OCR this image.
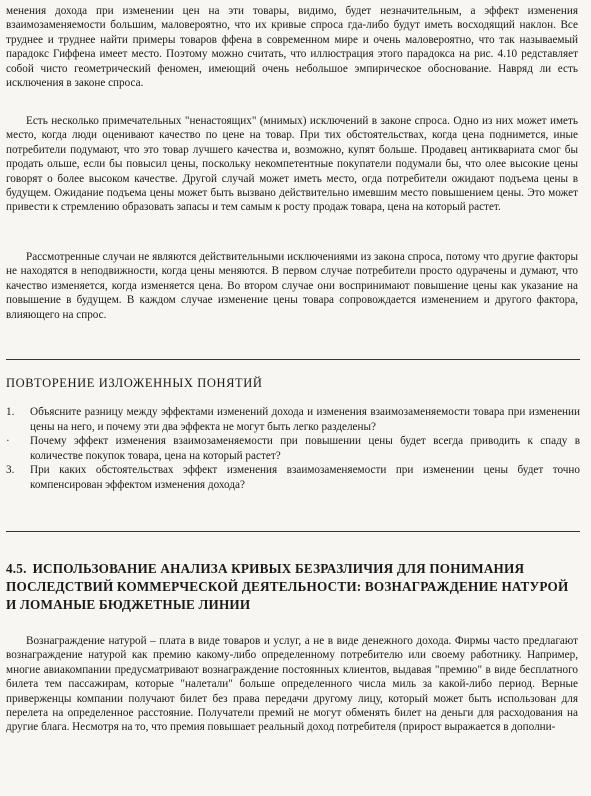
менения дохода при изменении цен на эти товары, видимо, будет незначительным, а эффект изменения взаимозаменяемости большим, маловероятно, что их кривые спроса гда-либо будут иметь восходящий наклон. Все труднее и труднее найти примеры товаров ффена в современном мире и очень маловероятно, что так называемый парадокс Гиффена имеет место. Поэтому можно считать, что иллюстрация этого парадокса на рис. 4.10 редставляет собой чисто геометрический феномен, имеющий очень небольшое эмпирическое обоснование. Навряд ли есть исключения в законе спроса.

Есть несколько примечательных "ненастоящих" (мнимых) исключений в законе спроса. Одно из них может иметь место, когда люди оценивают качество по цене на товар. При тих обстоятельствах, когда цена поднимется, иные потребители подумают, что это товар лучшего качества и, возможно, купят больше. Продавец антиквариата смог бы продать ольше, если бы повысил цены, поскольку некомпетентные покупатели подумали бы, что олее высокие цены говорят о более высоком качестве. Другой случай может иметь место, огда потребители ожидают подъема цены в будущем. Ожидание подъема цены может быть вызвано действительно имевшим место повышением цены. Это может привести к стремлению образовать запасы и тем самым к росту продаж товара, цена на который растет.

Рассмотренные случаи не являются действительными исключениями из закона спроса, потому что другие факторы не находятся в неподвижности, когда цены меняются. В первом случае потребители просто одурачены и думают, что качество изменяется, когда изменяется цена. Во втором случае они воспринимают повышение цены как указание на повышение в будущем. В каждом случае изменение цены товара сопровождается изменением и другого фактора, влияющего на спрос.

ПОВТОРЕНИЕ ИЗЛОЖЕННЫХ ПОНЯТИЙ
1.	Объясните разницу между эффектами изменений дохода и изменения взаимозаменяемости товара при изменении цены на него, и почему эти два эффекта не могут быть легко разделены?
·	Почему эффект изменения взаимозаменяемости при повышении цены будет всегда приводить к спаду в количестве покупок товара, цена на который растет?
3.	При каких обстоятельствах эффект изменения взаимозаменяемости при изменении цены будет точно компенсирован эффектом изменения дохода?
4.5. ИСПОЛЬЗОВАНИЕ АНАЛИЗА КРИВЫХ БЕЗРАЗЛИЧИЯ ДЛЯ ПОНИМАНИЯ ПОСЛЕДСТВИЙ КОММЕРЧЕСКОЙ ДЕЯТЕЛЬНОСТИ: ВОЗНАГРАЖДЕНИЕ НАТУРОЙ И ЛОМАНЫЕ БЮДЖЕТНЫЕ ЛИНИИ

Вознаграждение натурой – плата в виде товаров и услуг, а не в виде денежного дохода. Фирмы часто предлагают вознаграждение натурой как премию какому-либо определенному потребителю или своему работнику. Например, многие авиакомпании предусматривают вознаграждение постоянных клиентов, выдавая "премию" в виде бесплатного билета тем пассажирам, которые "налетали" больше определенного числа миль за какой-либо период. Верные приверженцы компании получают билет без права передачи другому лицу, который может быть использован для перелета на определенное расстояние. Получатели премий не могут обменять билет на деньги для расходования на другие блага. Несмотря на то, что премия повышает реальный доход потребителя (прирост выражается в дополни-
